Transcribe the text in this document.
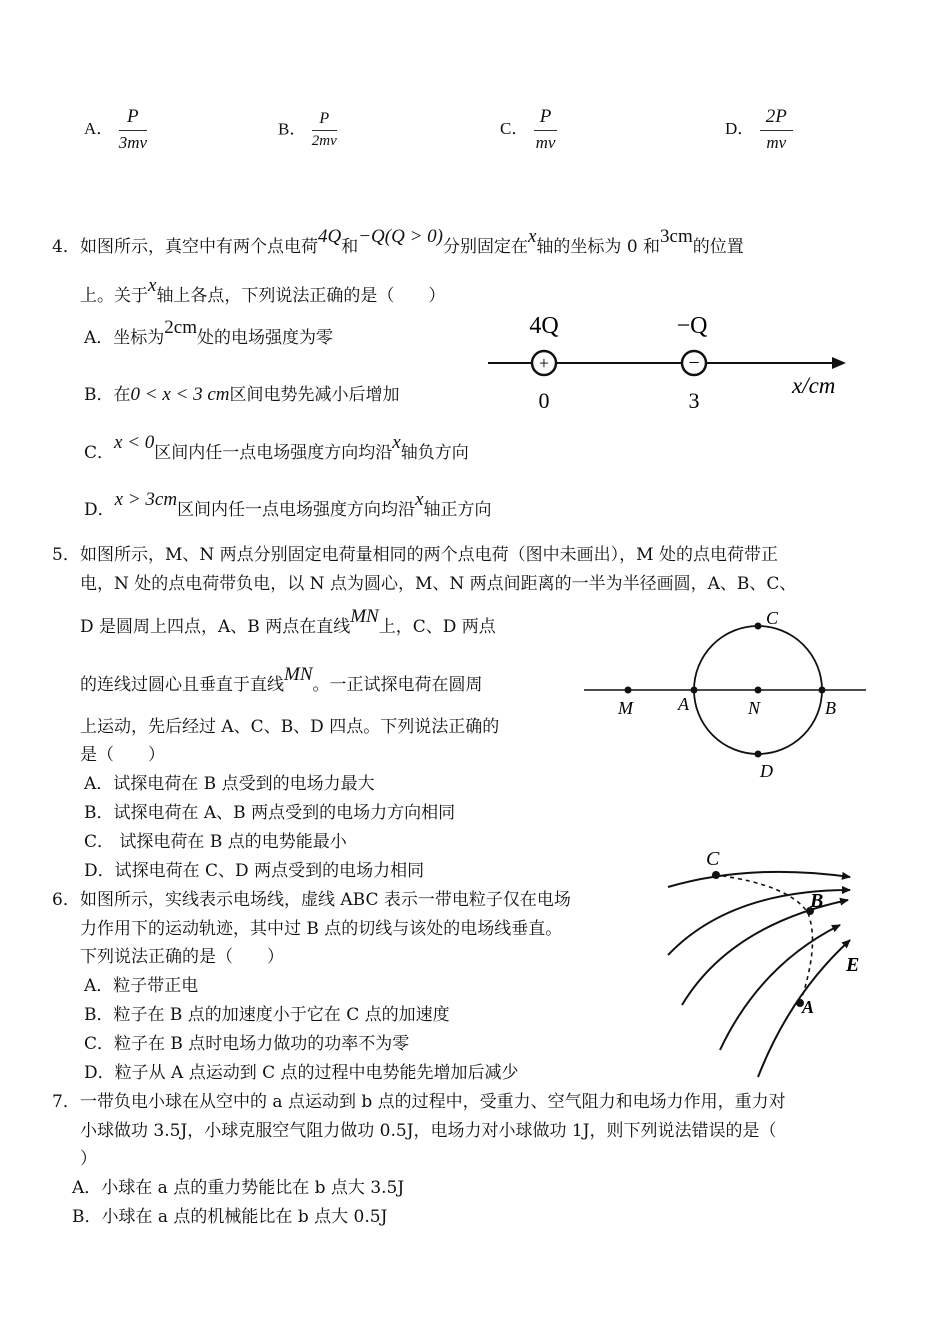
A． $\frac{P}{3mv}$	B． $\frac{P}{2mv}$	C． $\frac{P}{mv}$	D． $\frac{2P}{mv}$
4． 如图所示，真空中有两个点电荷4Q和−Q(Q > 0)分别固定在x轴的坐标为 0 和3cm的位置
上。关于x轴上各点，下列说法正确的是（　　）
A．坐标为2cm处的电场强度为零
B．在0 < x < 3 cm区间电势先减小后增加
C．x < 0区间内任一点电场强度方向均沿x轴负方向
D．x > 3cm区间内任一点电场强度方向均沿x轴正方向
+	−
4Q	−Q
0	3
x/cm
5． 如图所示，M、N 两点分别固定电荷量相同的两个点电荷（图中未画出），M 处的点电荷带正
电，N 处的点电荷带负电，以 N 点为圆心，M、N 两点间距离的一半为半径画圆，A、B、C、
D 是圆周上四点，A、B 两点在直线MN上，C、D 两点
的连线过圆心且垂直于直线MN。一正试探电荷在圆周
上运动，先后经过 A、C、B、D 四点。下列说法正确的
是（　　）
A．试探电荷在 B 点受到的电场力最大
B．试探电荷在 A、B 两点受到的电场力方向相同
C． 试探电荷在 B 点的电势能最小
D．试探电荷在 C、D 两点受到的电场力相同
C
D
M	A	N	B
6． 如图所示，实线表示电场线，虚线 ABC 表示一带电粒子仅在电场
力作用下的运动轨迹，其中过 B 点的切线与该处的电场线垂直。
下列说法正确的是（　　）
A．粒子带正电
B．粒子在 B 点的加速度小于它在 C 点的加速度
C．粒子在 B 点时电场力做功的功率不为零
D．粒子从 A 点运动到 C 点的过程中电势能先增加后减少
C
B
E
A
7． 一带负电小球在从空中的 a 点运动到 b 点的过程中，受重力、空气阻力和电场力作用，重力对
小球做功 3.5J，小球克服空气阻力做功 0.5J，电场力对小球做功 1J，则下列说法错误的是（
）
A．小球在 a 点的重力势能比在 b 点大 3.5J
B．小球在 a 点的机械能比在 b 点大 0.5J
